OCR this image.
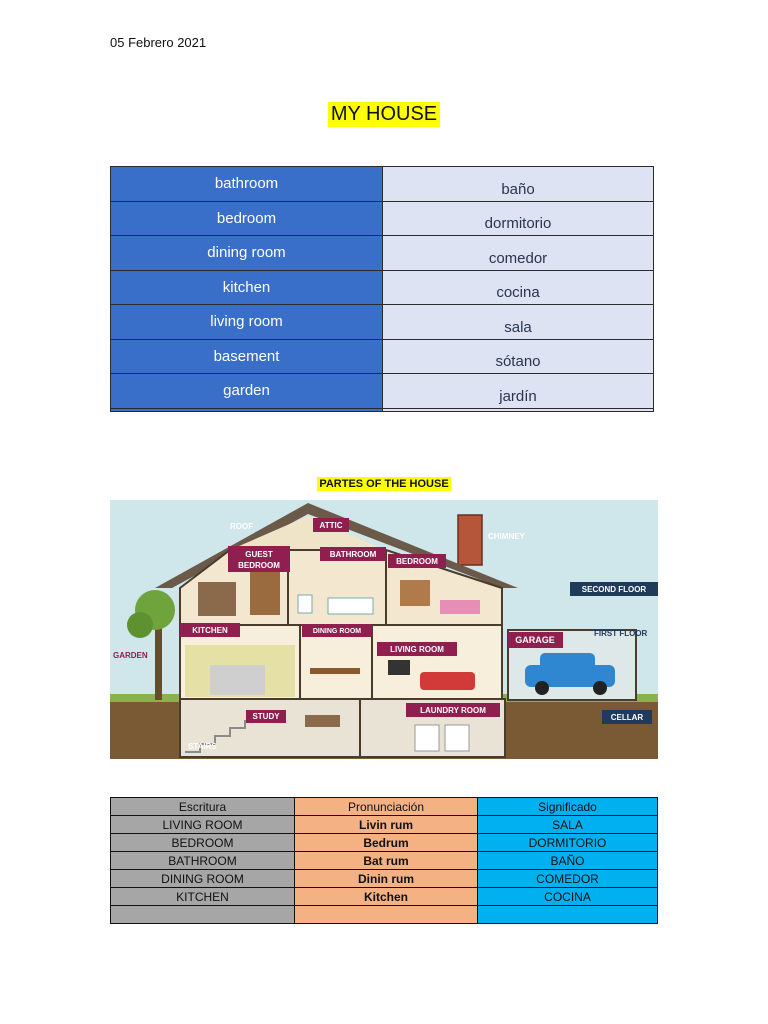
05 Febrero 2021
MY HOUSE
bathroom	baño
bedroom	dormitorio
dining room	comedor
kitchen	cocina
living room	sala
basement	sótano
garden	jardín

PARTES OF THE HOUSE
ROOF	ATTIC
CHIMNEY
GUEST
BEDROOM
BATHROOM
BEDROOM
SECOND FLOOR
FIRST FLOOR
KITCHEN	DINING ROOM
LIVING ROOM
GARAGE
GARDEN
STUDY
LAUNDRY ROOM
CELLAR
STAIRS
Escritura	Pronunciación	Significado
LIVING ROOM	Livin rum	SALA
BEDROOM	Bedrum	DORMITORIO
BATHROOM	Bat rum	BAÑO
DINING ROOM	Dinin rum	COMEDOR
KITCHEN	Kitchen	COCINA
